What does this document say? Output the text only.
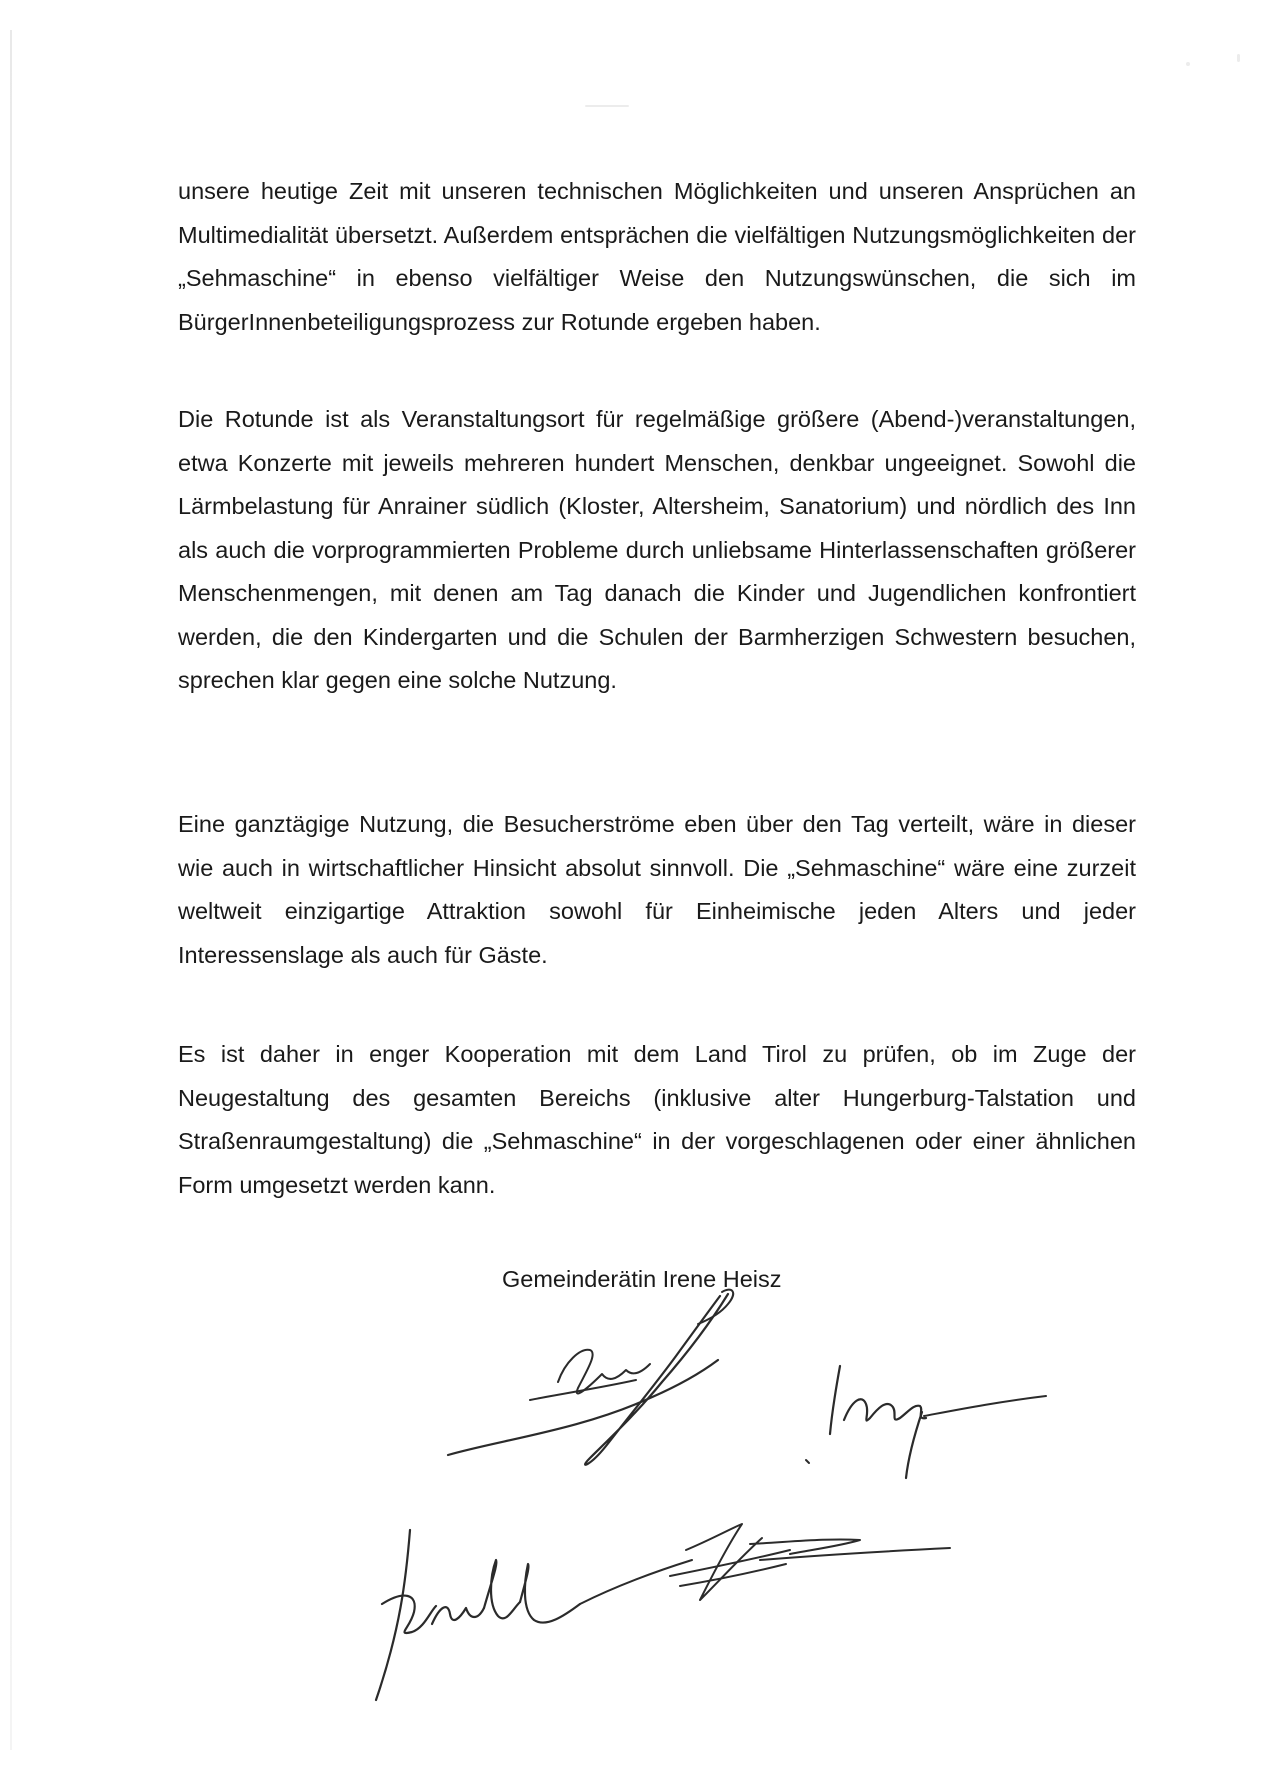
unsere heutige Zeit mit unseren technischen Möglichkeiten und unseren Ansprüchen an Multimedialität übersetzt. Außerdem entsprächen die vielfältigen Nutzungsmöglichkeiten der „Sehmaschine“ in ebenso vielfältiger Weise den Nutzungswünschen, die sich im BürgerInnenbeteiligungsprozess zur Rotunde ergeben haben.

Die Rotunde ist als Veranstaltungsort für regelmäßige größere (Abend-)veranstaltungen, etwa Konzerte mit jeweils mehreren hundert Menschen, denkbar ungeeignet. Sowohl die Lärmbelastung für Anrainer südlich (Kloster, Altersheim, Sanatorium) und nördlich des Inn als auch die vorprogrammierten Probleme durch unliebsame Hinterlassenschaften größerer Menschenmengen, mit denen am Tag danach die Kinder und Jugendlichen konfrontiert werden, die den Kindergarten und die Schulen der Barmherzigen Schwestern besuchen, sprechen klar gegen eine solche Nutzung.

Eine ganztägige Nutzung, die Besucherströme eben über den Tag verteilt, wäre in dieser wie auch in wirtschaftlicher Hinsicht absolut sinnvoll. Die „Sehmaschine“ wäre eine zurzeit weltweit einzigartige Attraktion sowohl für Einheimische jeden Alters und jeder Interessenslage als auch für Gäste.

Es ist daher in enger Kooperation mit dem Land Tirol zu prüfen, ob im Zuge der Neugestaltung des gesamten Bereichs (inklusive alter Hungerburg-Talstation und Straßenraumgestaltung) die „Sehmaschine“ in der vorgeschlagenen oder einer ähnlichen Form umgesetzt werden kann.

Gemeinderätin Irene Heisz
